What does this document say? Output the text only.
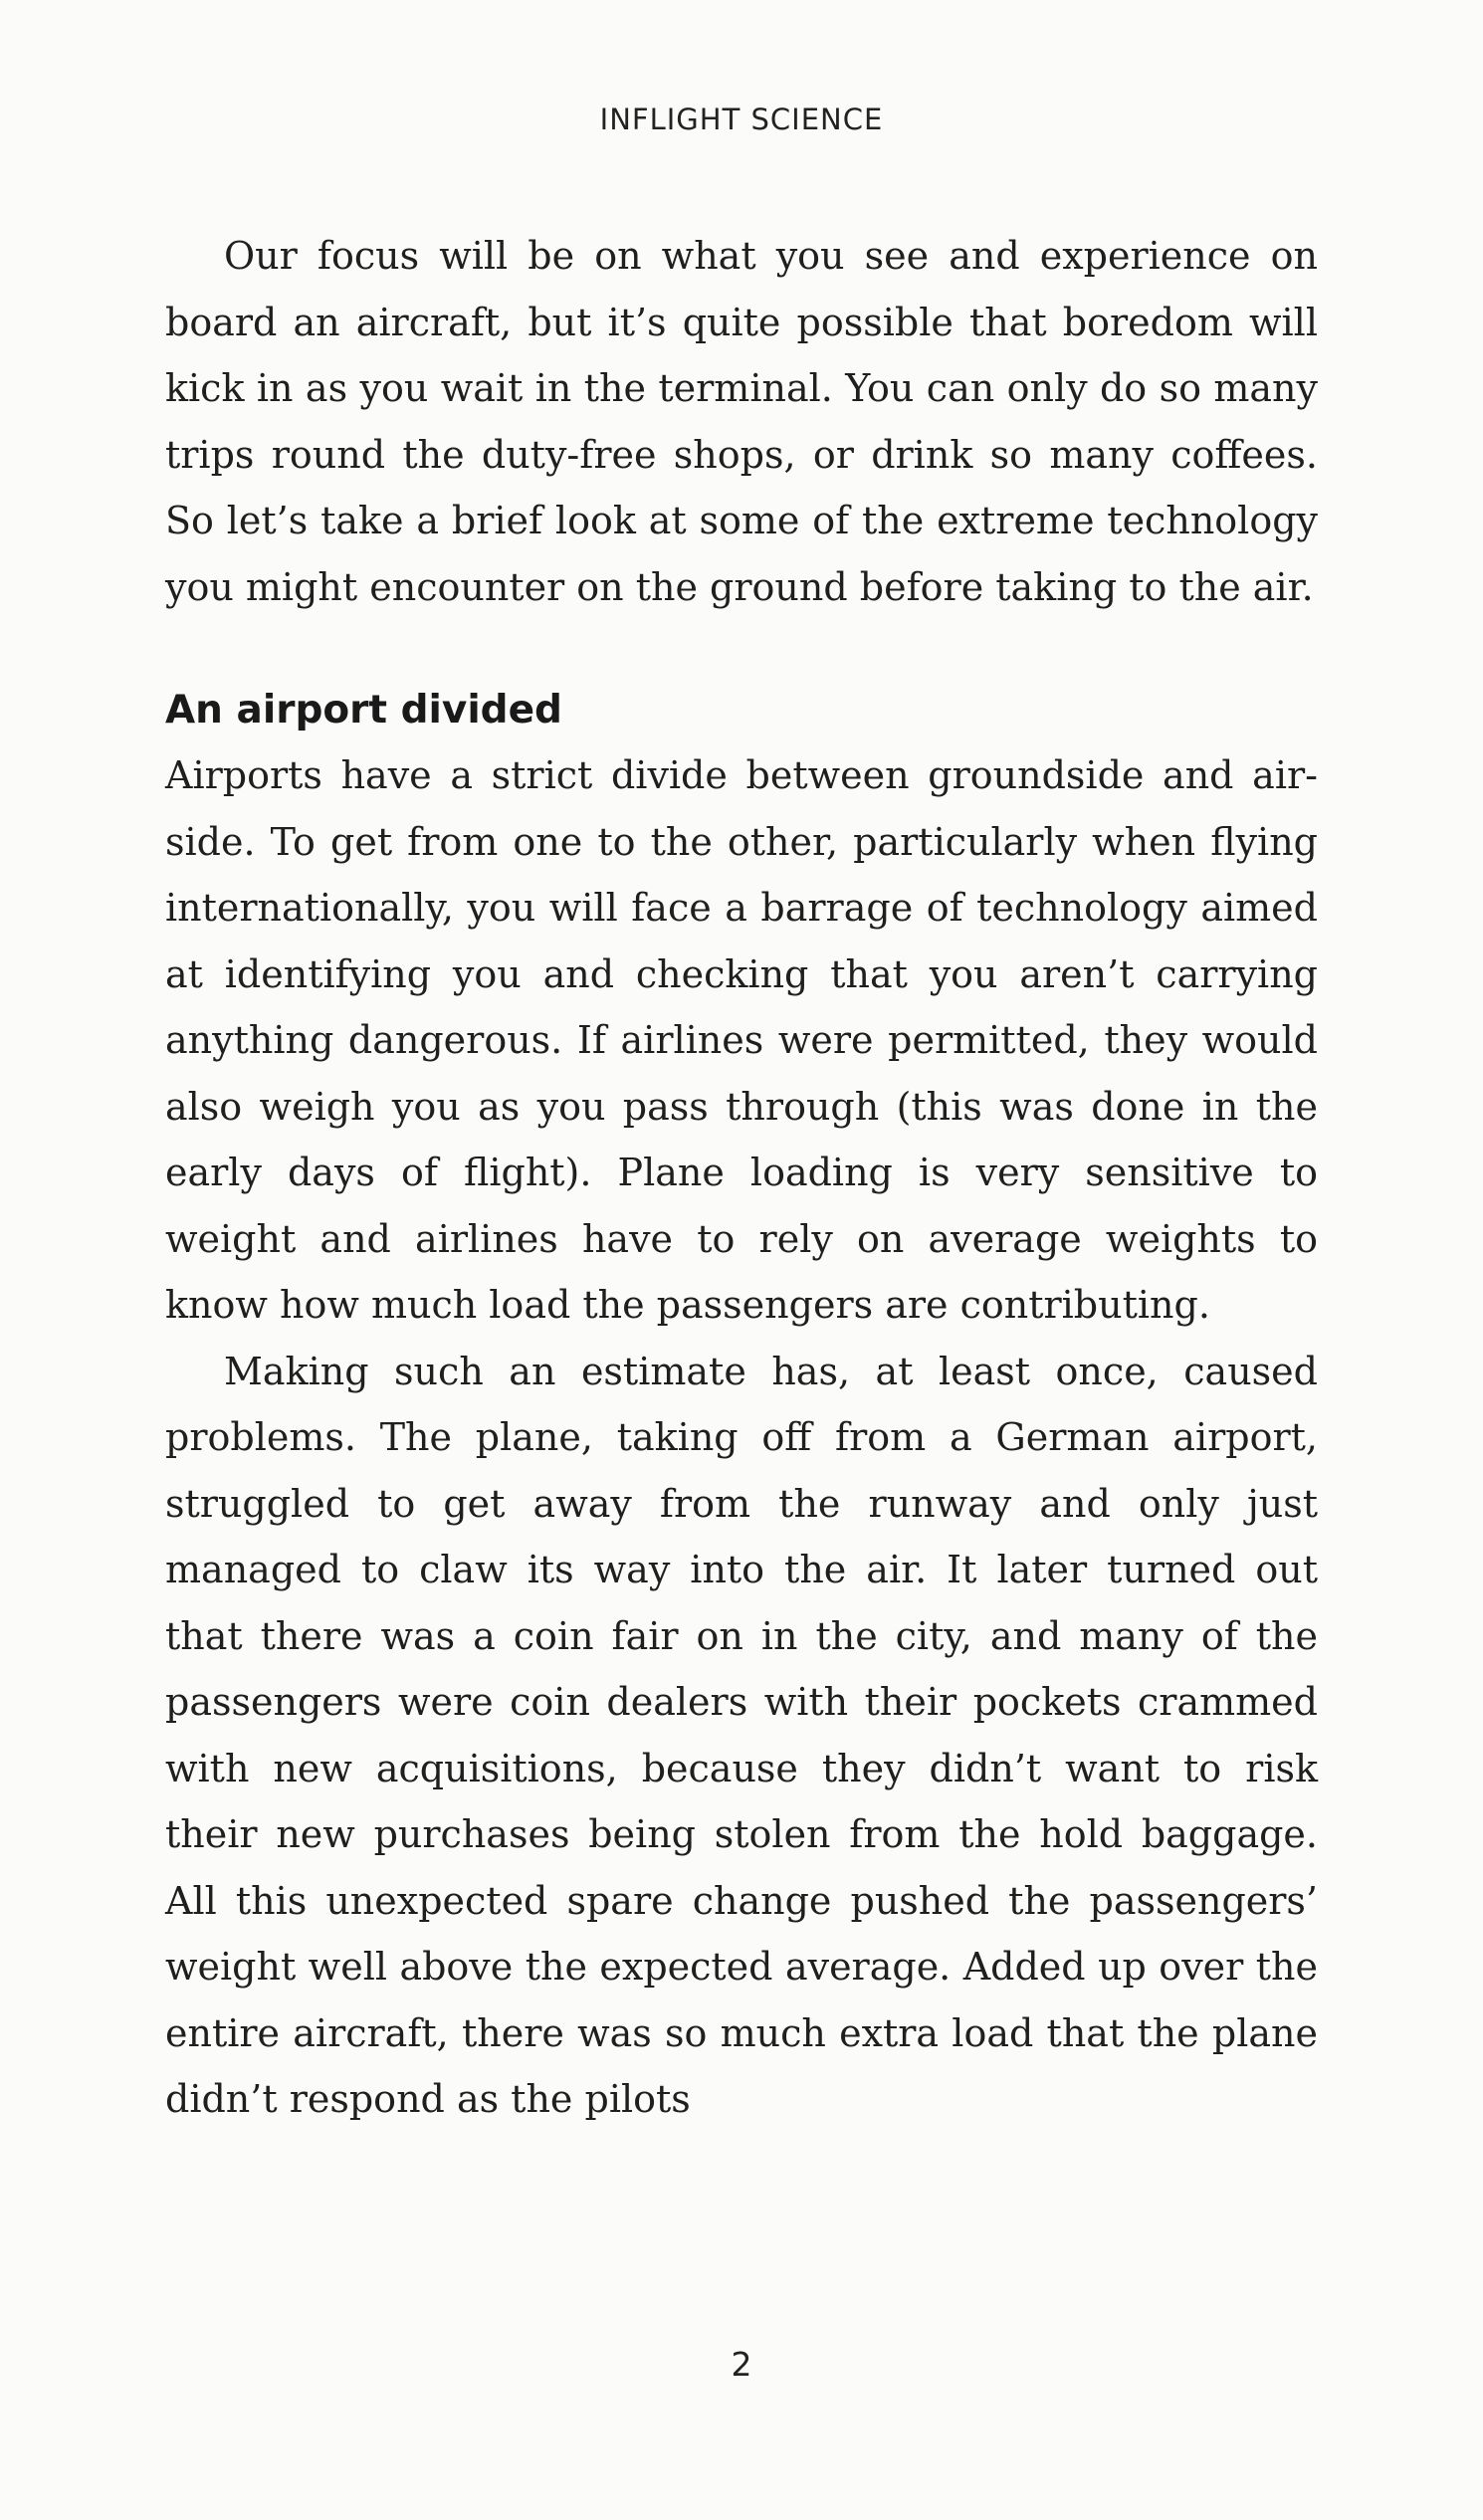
INFLIGHT SCIENCE

Our focus will be on what you see and experience on board an aircraft, but it’s quite possible that boredom will kick in as you wait in the terminal. You can only do so many trips round the duty-free shops, or drink so many coffees. So let’s take a brief look at some of the extreme technology you might encounter on the ground before taking to the air.

An airport divided

Airports have a strict divide between groundside and airside. To get from one to the other, particularly when flying internationally, you will face a barrage of technology aimed at identifying you and checking that you aren’t carrying anything dangerous. If airlines were permitted, they would also weigh you as you pass through (this was done in the early days of flight). Plane loading is very sensitive to weight and airlines have to rely on average weights to know how much load the passengers are contributing.

Making such an estimate has, at least once, caused problems. The plane, taking off from a German airport, struggled to get away from the runway and only just managed to claw its way into the air. It later turned out that there was a coin fair on in the city, and many of the passengers were coin dealers with their pockets crammed with new acquisitions, because they didn’t want to risk their new purchases being stolen from the hold baggage. All this unexpected spare change pushed the passengers’ weight well above the expected average. Added up over the entire aircraft, there was so much extra load that the plane didn’t respond as the pilots

2
